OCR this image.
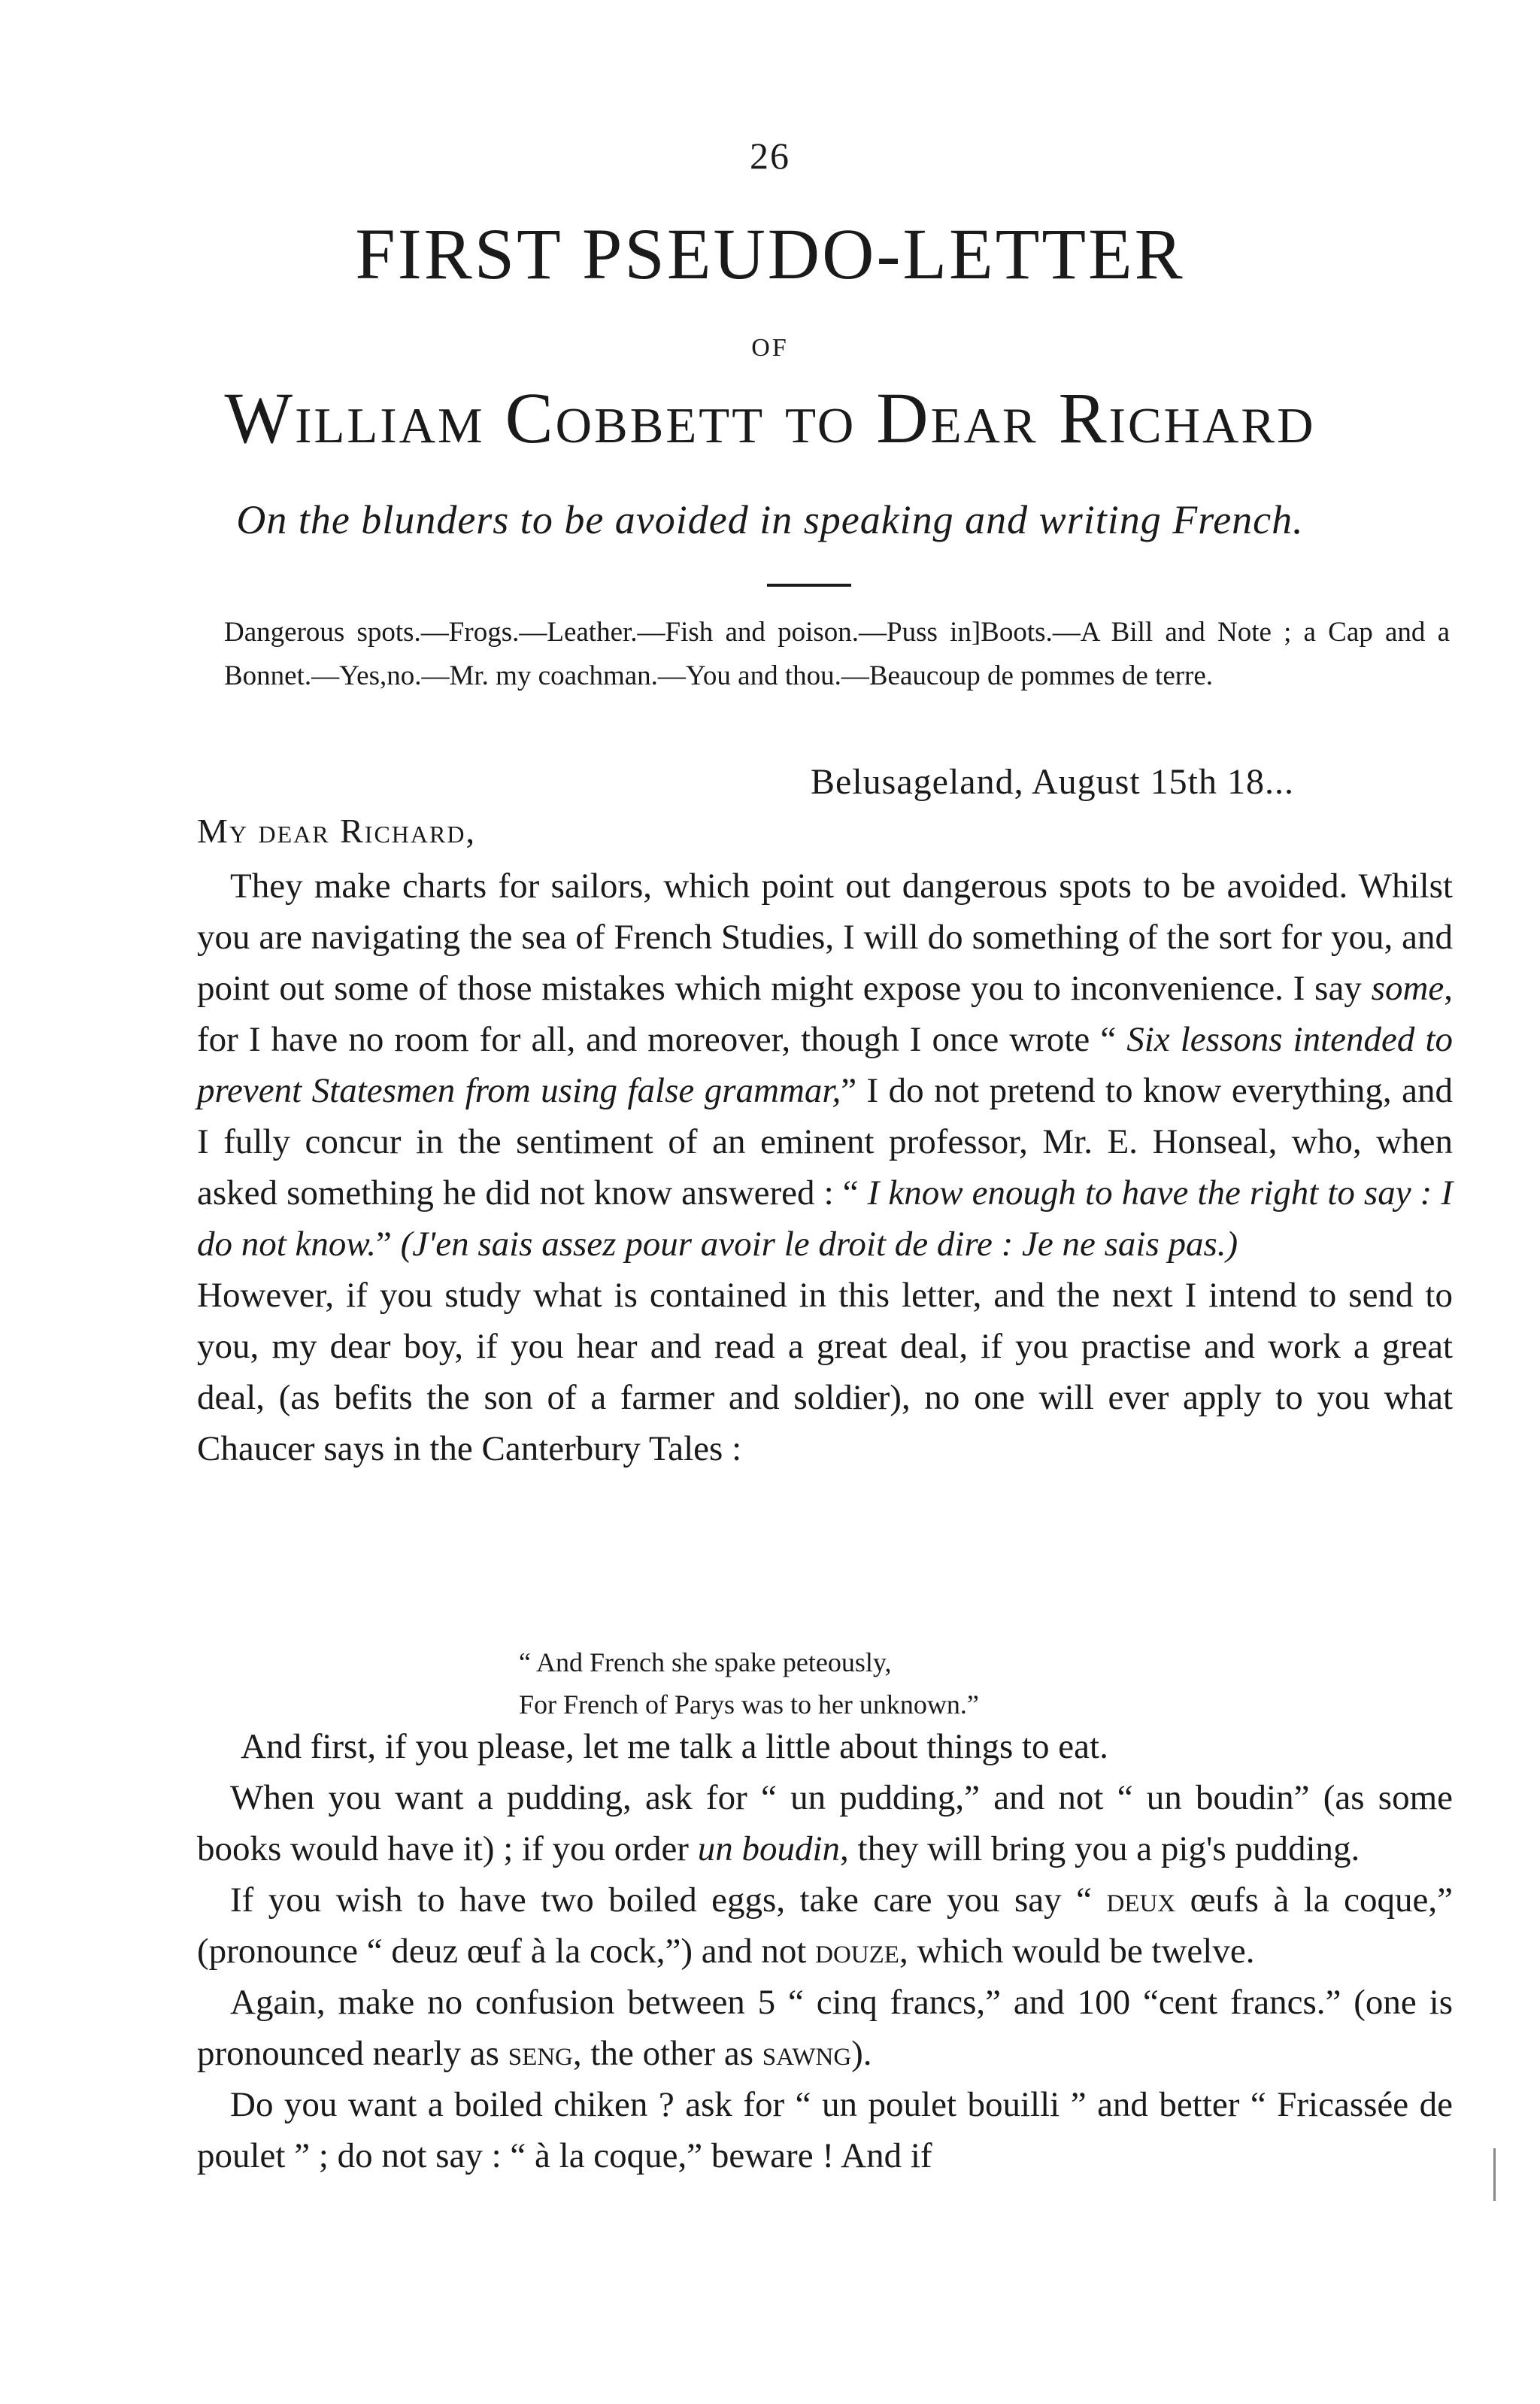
26
FIRST PSEUDO-LETTER
OF
William Cobbett to Dear Richard
On the blunders to be avoided in speaking and writing French.
Dangerous spots.—Frogs.—Leather.—Fish and poison.—Puss in]Boots.—A Bill and Note ; a Cap and a Bonnet.—Yes,no.—Mr. my coachman.—You and thou.—Beaucoup de pommes de terre.
Belusageland, August 15th 18...
My dear Richard,

They make charts for sailors, which point out dangerous spots to be avoided. Whilst you are navigating the sea of French Studies, I will do something of the sort for you, and point out some of those mistakes which might expose you to inconvenience. I say some, for I have no room for all, and moreover, though I once wrote “ Six lessons intended to prevent Statesmen from using false grammar,” I do not pretend to know everything, and I fully concur in the sentiment of an eminent professor, Mr. E. Honseal, who, when asked something he did not know answered : “ I know enough to have the right to say : I do not know.” (J'en sais assez pour avoir le droit de dire : Je ne sais pas.)

However, if you study what is contained in this letter, and the next I intend to send to you, my dear boy, if you hear and read a great deal, if you practise and work a great deal, (as befits the son of a farmer and soldier), no one will ever apply to you what Chaucer says in the Canterbury Tales :

“ And French she spake peteously,
For French of Parys was to her unknown.”

And first, if you please, let me talk a little about things to eat.

When you want a pudding, ask for “ un pudding,” and not “ un boudin” (as some books would have it) ; if you order un boudin, they will bring you a pig's pudding.

If you wish to have two boiled eggs, take care you say “ deux œufs à la coque,” (pronounce “ deuz œuf à la cock,”) and not douze, which would be twelve.

Again, make no confusion between 5 “ cinq francs,” and 100 “cent francs.” (one is pronounced nearly as seng, the other as sawng).

Do you want a boiled chiken ? ask for “ un poulet bouilli ” and better “ Fricassée de poulet ” ; do not say : “ à la coque,” beware ! And if
